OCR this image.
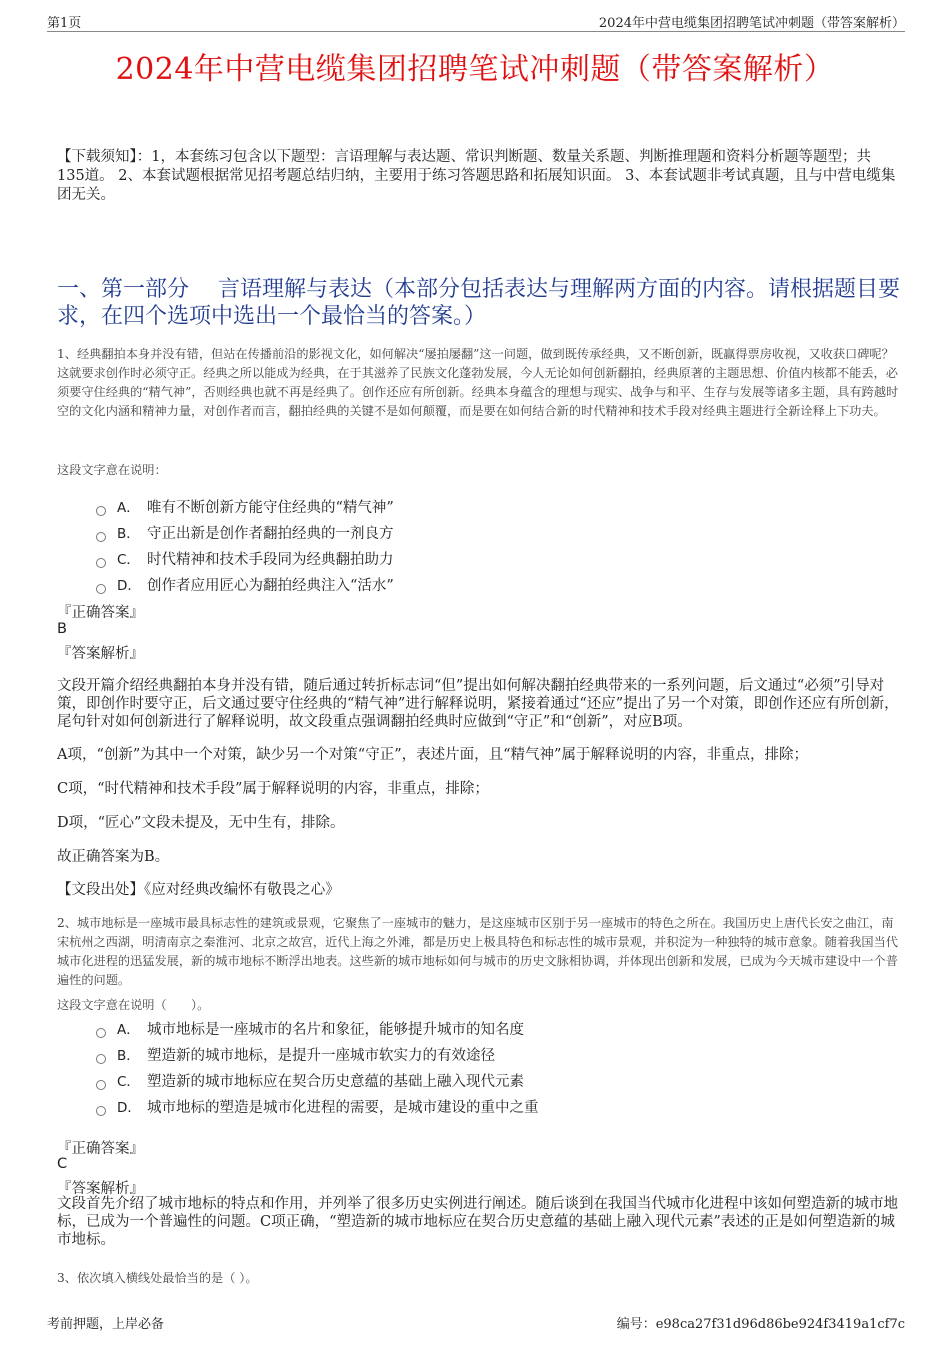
第1页	2024年中营电缆集团招聘笔试冲刺题（带答案解析）
2024年中营电缆集团招聘笔试冲刺题（带答案解析）
【下载须知】：1，本套练习包含以下题型：言语理解与表达题、常识判断题、数量关系题、判断推理题和资料分析题等题型；共135道。 2、本套试题根据常见招考题总结归纳，主要用于练习答题思路和拓展知识面。 3、本套试题非考试真题，且与中营电缆集团无关。
一、第一部分　 言语理解与表达（本部分包括表达与理解两方面的内容。请根据题目要求，在四个选项中选出一个最恰当的答案。）
1、经典翻拍本身并没有错，但站在传播前沿的影视文化，如何解决“屡拍屡翻”这一问题，做到既传承经典，又不断创新，既赢得票房收视，又收获口碑呢？这就要求创作时必须守正。经典之所以能成为经典，在于其滋养了民族文化蓬勃发展，今人无论如何创新翻拍，经典原著的主题思想、价值内核都不能丢，必须要守住经典的“精气神”，否则经典也就不再是经典了。创作还应有所创新。经典本身蕴含的理想与现实、战争与和平、生存与发展等诸多主题，具有跨越时空的文化内涵和精神力量，对创作者而言，翻拍经典的关键不是如何颠覆，而是要在如何结合新的时代精神和技术手段对经典主题进行全新诠释上下功夫。
这段文字意在说明：
A． 唯有不断创新方能守住经典的“精气神”
B． 守正出新是创作者翻拍经典的一剂良方
C． 时代精神和技术手段同为经典翻拍助力
D． 创作者应用匠心为翻拍经典注入“活水”
『正确答案』
B
『答案解析』
文段开篇介绍经典翻拍本身并没有错，随后通过转折标志词“但”提出如何解决翻拍经典带来的一系列问题，后文通过“必须”引导对策，即创作时要守正，后文通过要守住经典的“精气神”进行解释说明，紧接着通过“还应”提出了另一个对策，即创作还应有所创新，尾句针对如何创新进行了解释说明，故文段重点强调翻拍经典时应做到“守正”和“创新”，对应B项。
A项，“创新”为其中一个对策，缺少另一个对策“守正”，表述片面，且“精气神”属于解释说明的内容，非重点，排除；
C项，“时代精神和技术手段”属于解释说明的内容，非重点，排除；
D项，“匠心”文段未提及，无中生有，排除。
故正确答案为B。
【文段出处】《应对经典改编怀有敬畏之心》
2、城市地标是一座城市最具标志性的建筑或景观，它聚焦了一座城市的魅力，是这座城市区别于另一座城市的特色之所在。我国历史上唐代长安之曲江，南宋杭州之西湖，明清南京之秦淮河、北京之故宫，近代上海之外滩，都是历史上极具特色和标志性的城市景观，并积淀为一种独特的城市意象。随着我国当代城市化进程的迅猛发展，新的城市地标不断浮出地表。这些新的城市地标如何与城市的历史文脉相协调，并体现出创新和发展，已成为今天城市建设中一个普遍性的问题。
这段文字意在说明（　　）。
A． 城市地标是一座城市的名片和象征，能够提升城市的知名度
B． 塑造新的城市地标，是提升一座城市软实力的有效途径
C． 塑造新的城市地标应在契合历史意蕴的基础上融入现代元素
D． 城市地标的塑造是城市化进程的需要，是城市建设的重中之重
『正确答案』
C
『答案解析』
文段首先介绍了城市地标的特点和作用，并列举了很多历史实例进行阐述。随后谈到在我国当代城市化进程中该如何塑造新的城市地标，已成为一个普遍性的问题。C项正确，“塑造新的城市地标应在契合历史意蕴的基础上融入现代元素”表述的正是如何塑造新的城市地标。
3、依次填入横线处最恰当的是（ ）。
考前押题，上岸必备	编号：e98ca27f31d96d86be924f3419a1cf7c
